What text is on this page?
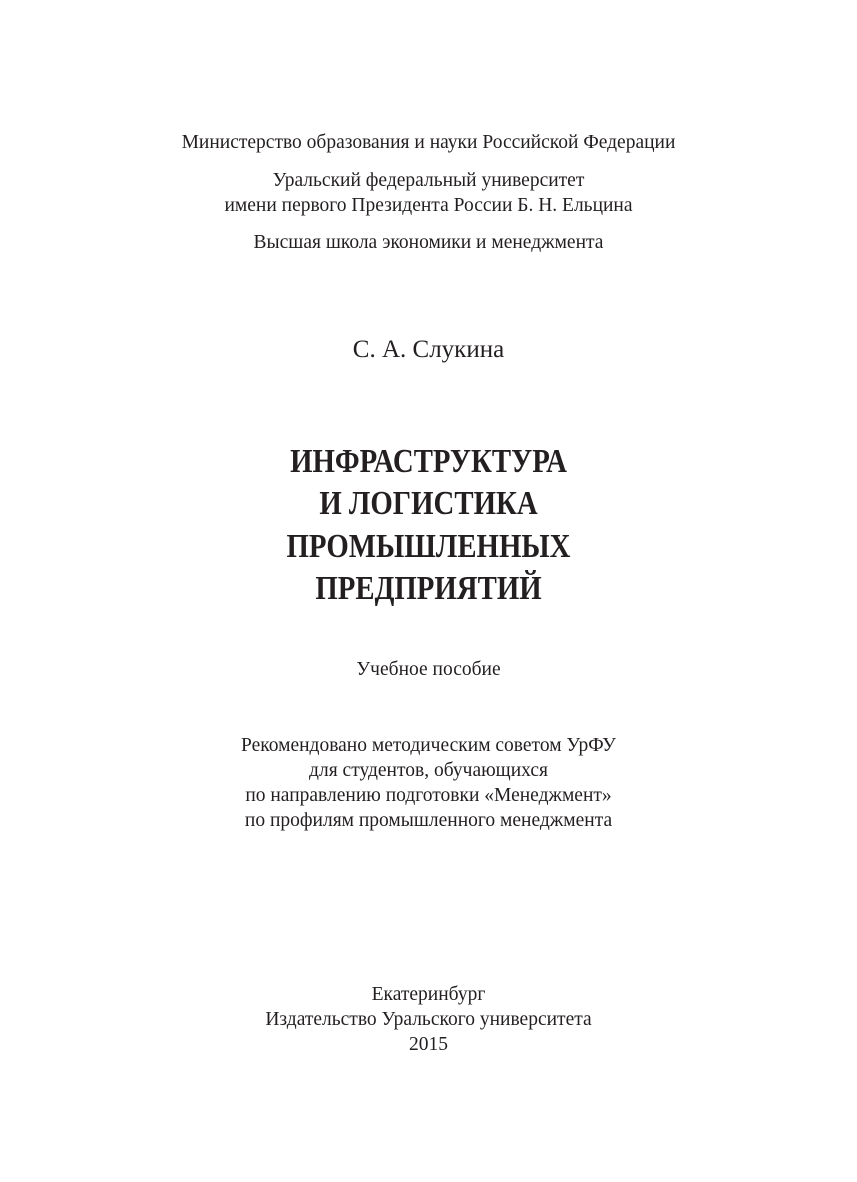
Министерство образования и науки Российской Федерации
Уральский федеральный университет
имени первого Президента России Б. Н. Ельцина
Высшая школа экономики и менеджмента
С. А. Слукина
ИНФРАСТРУКТУРА
И ЛОГИСТИКА
ПРОМЫШЛЕННЫХ
ПРЕДПРИЯТИЙ
Учебное пособие
Рекомендовано методическим советом УрФУ
для студентов, обучающихся
по направлению подготовки «Менеджмент»
по профилям промышленного менеджмента
Екатеринбург
Издательство Уральского университета
2015
